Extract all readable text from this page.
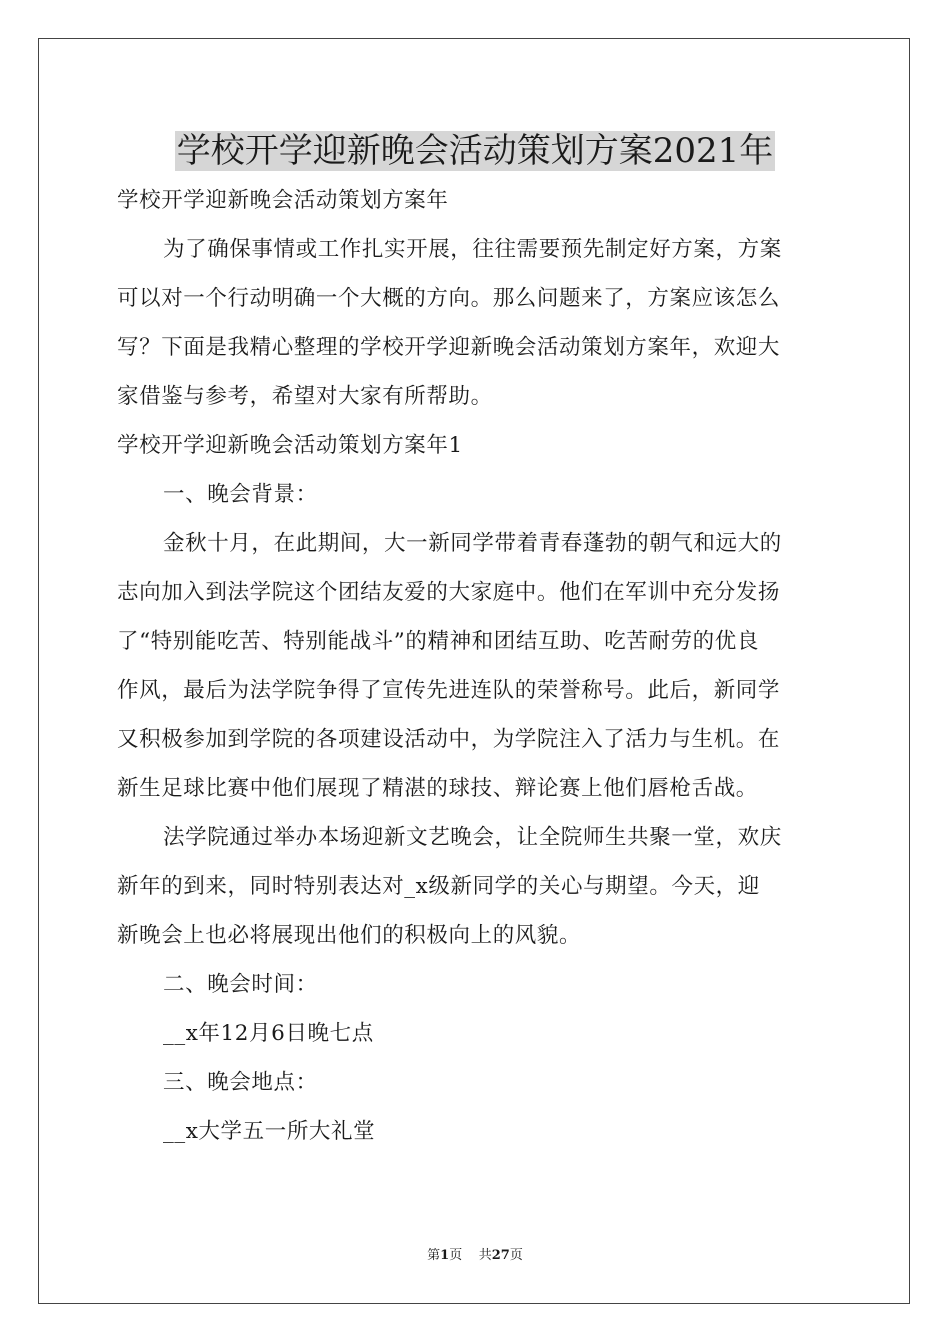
学校开学迎新晚会活动策划方案2021年

学校开学迎新晚会活动策划方案年

为了确保事情或工作扎实开展，往往需要预先制定好方案，方案

可以对一个行动明确一个大概的方向。那么问题来了，方案应该怎么

写？下面是我精心整理的学校开学迎新晚会活动策划方案年，欢迎大

家借鉴与参考，希望对大家有所帮助。

学校开学迎新晚会活动策划方案年1

一、晚会背景：

金秋十月，在此期间，大一新同学带着青春蓬勃的朝气和远大的

志向加入到法学院这个团结友爱的大家庭中。他们在军训中充分发扬

了“特别能吃苦、特别能战斗”的精神和团结互助、吃苦耐劳的优良

作风，最后为法学院争得了宣传先进连队的荣誉称号。此后，新同学

又积极参加到学院的各项建设活动中，为学院注入了活力与生机。在

新生足球比赛中他们展现了精湛的球技、辩论赛上他们唇枪舌战。

法学院通过举办本场迎新文艺晚会，让全院师生共聚一堂，欢庆

新年的到来，同时特别表达对_x级新同学的关心与期望。今天，迎

新晚会上也必将展现出他们的积极向上的风貌。

二、晚会时间：

__x年12月6日晚七点

三、晚会地点：

__x大学五一所大礼堂

第1页 共27页
